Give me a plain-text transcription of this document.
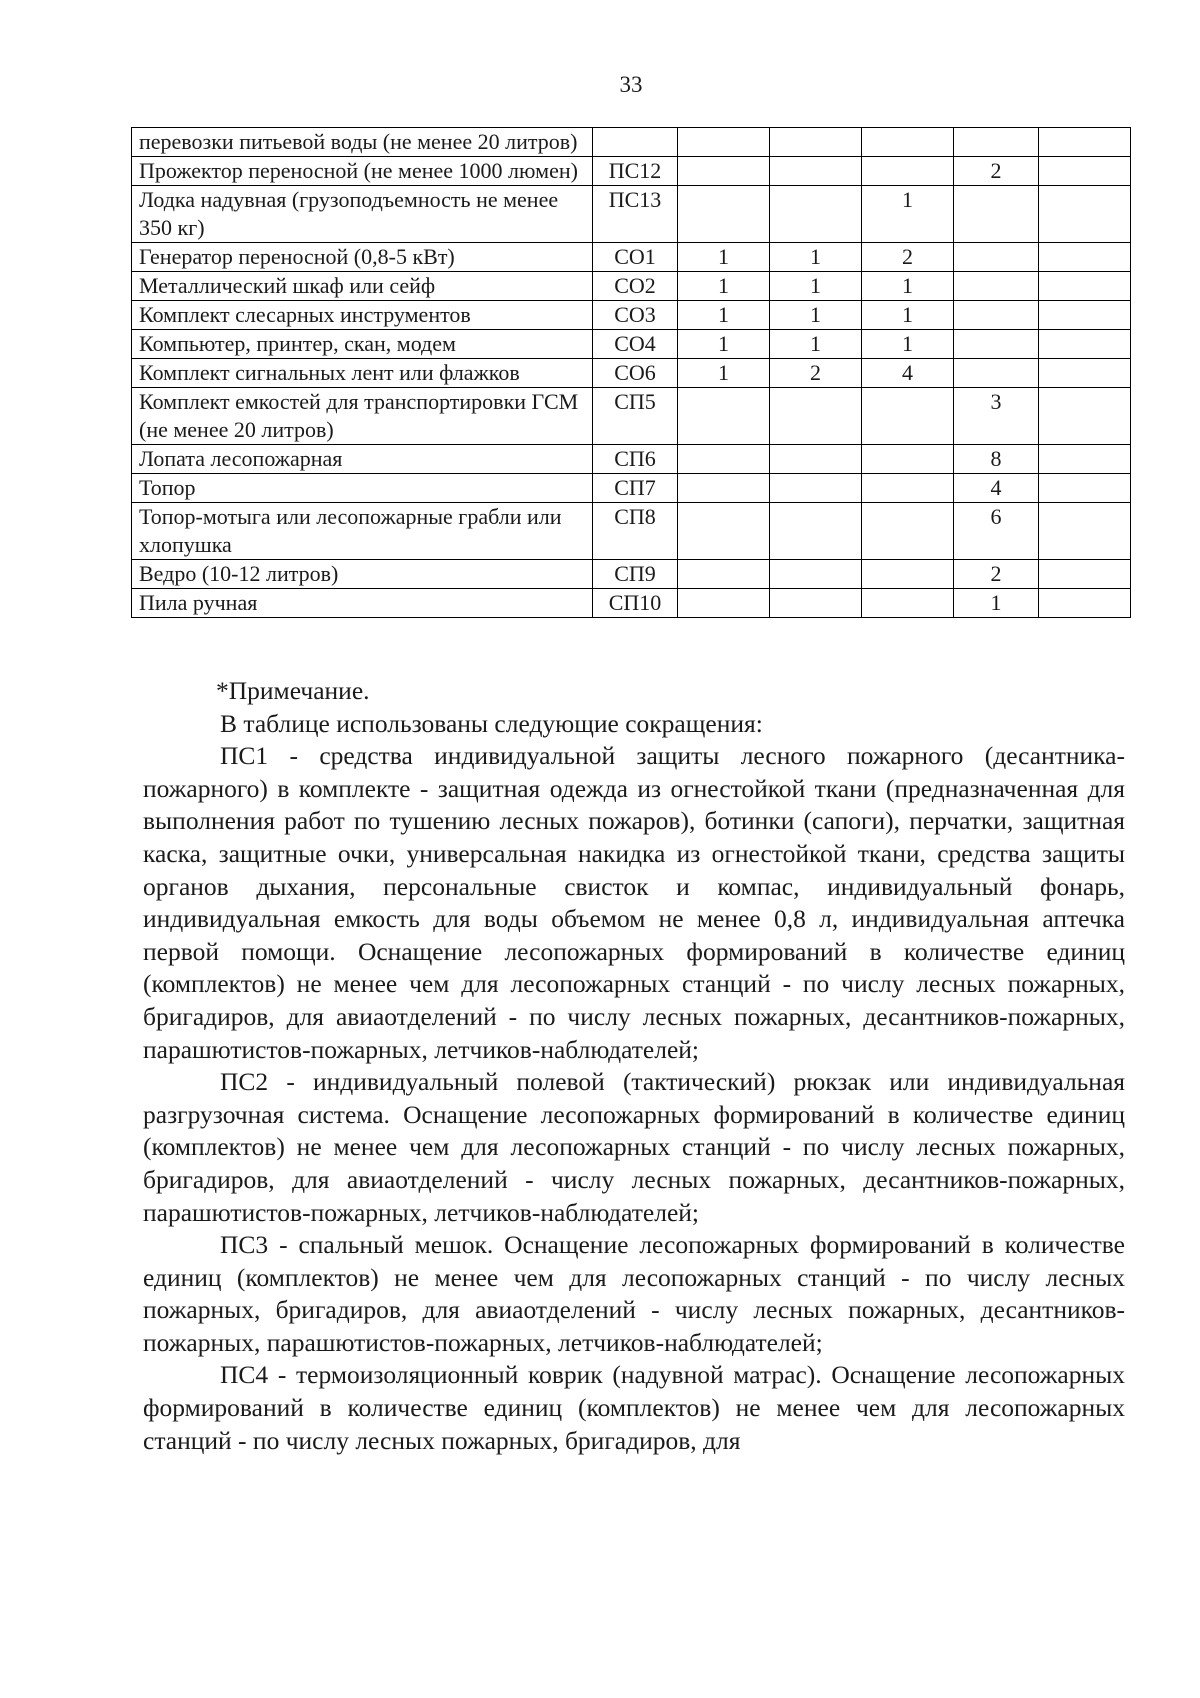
33
перевозки питьевой воды (не менее 20 литров)						
Прожектор переносной (не менее 1000 люмен)	ПС12				2	
Лодка надувная (грузоподъемность не менее 350 кг)	ПС13			1		
Генератор переносной (0,8-5 кВт)	СО1	1	1	2		
Металлический шкаф или сейф	СО2	1	1	1		
Комплект слесарных инструментов	СО3	1	1	1		
Компьютер, принтер, скан, модем	СО4	1	1	1		
Комплект сигнальных лент или флажков	СО6	1	2	4		
Комплект емкостей для транспортировки ГСМ (не менее 20 литров)	СП5				3	
Лопата лесопожарная	СП6				8	
Топор	СП7				4	
Топор-мотыга или лесопожарные грабли или хлопушка	СП8				6	
Ведро (10-12 литров)	СП9				2	
Пила ручная	СП10				1	

*Примечание.

В таблице использованы следующие сокращения:

ПС1 - средства индивидуальной защиты лесного пожарного (десантника-пожарного) в комплекте - защитная одежда из огнестойкой ткани (предназначенная для выполнения работ по тушению лесных пожаров), ботинки (сапоги), перчатки, защитная каска, защитные очки, универсальная накидка из огнестойкой ткани, средства защиты органов дыхания, персональные свисток и компас, индивидуальный фонарь, индивидуальная емкость для воды объемом не менее 0,8 л, индивидуальная аптечка первой помощи. Оснащение лесопожарных формирований в количестве единиц (комплектов) не менее чем для лесопожарных станций - по числу лесных пожарных, бригадиров, для авиаотделений - по числу лесных пожарных, десантников-пожарных, парашютистов-пожарных, летчиков-наблюдателей;

ПС2 - индивидуальный полевой (тактический) рюкзак или индивидуальная разгрузочная система. Оснащение лесопожарных формирований в количестве единиц (комплектов) не менее чем для лесопожарных станций - по числу лесных пожарных, бригадиров, для авиаотделений - числу лесных пожарных, десантников-пожарных, парашютистов-пожарных, летчиков-наблюдателей;

ПС3 - спальный мешок. Оснащение лесопожарных формирований в количестве единиц (комплектов) не менее чем для лесопожарных станций - по числу лесных пожарных, бригадиров, для авиаотделений - числу лесных пожарных, десантников-пожарных, парашютистов-пожарных, летчиков-наблюдателей;

ПС4 - термоизоляционный коврик (надувной матрас). Оснащение лесопожарных формирований в количестве единиц (комплектов) не менее чем для лесопожарных станций - по числу лесных пожарных, бригадиров, для
